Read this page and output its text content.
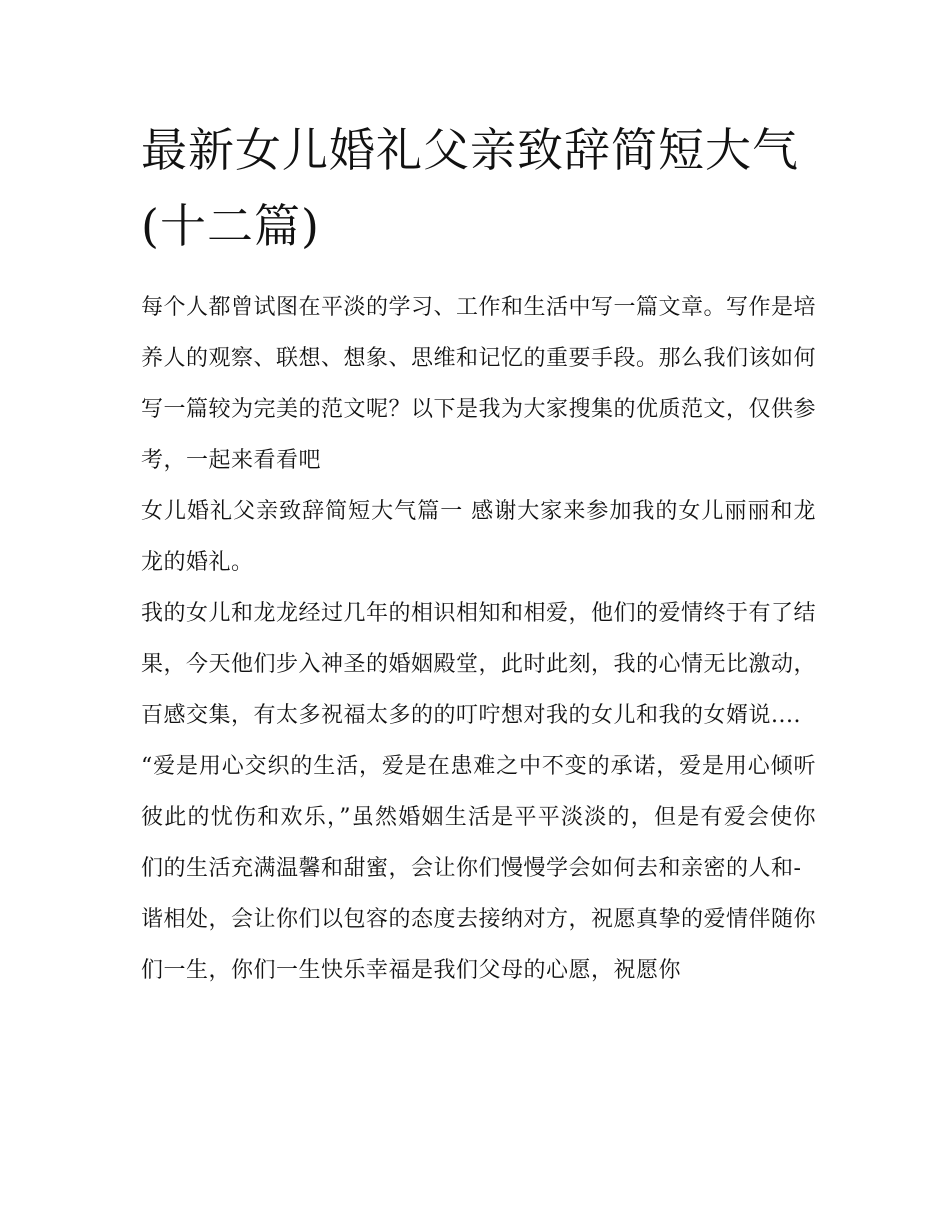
最新女儿婚礼父亲致辞简短大气(十二篇)

每个人都曾试图在平淡的学习、工作和生活中写一篇文章。写作是培养人的观察、联想、想象、思维和记忆的重要手段。那么我们该如何写一篇较为完美的范文呢？以下是我为大家搜集的优质范文，仅供参考，一起来看看吧

女儿婚礼父亲致辞简短大气篇一 感谢大家来参加我的女儿丽丽和龙龙的婚礼。

我的女儿和龙龙经过几年的相识相知和相爱，他们的爱情终于有了结果，今天他们步入神圣的婚姻殿堂，此时此刻，我的心情无比激动，百感交集，有太多祝福太多的的叮咛想对我的女儿和我的女婿说....

“爱是用心交织的生活，爱是在患难之中不变的承诺，爱是用心倾听彼此的忧伤和欢乐，”虽然婚姻生活是平平淡淡的，但是有爱会使你们的生活充满温馨和甜蜜，会让你们慢慢学会如何去和亲密的人和-

谐相处，会让你们以包容的态度去接纳对方，祝愿真挚的爱情伴随你们一生，你们一生快乐幸福是我们父母的心愿，祝愿你
